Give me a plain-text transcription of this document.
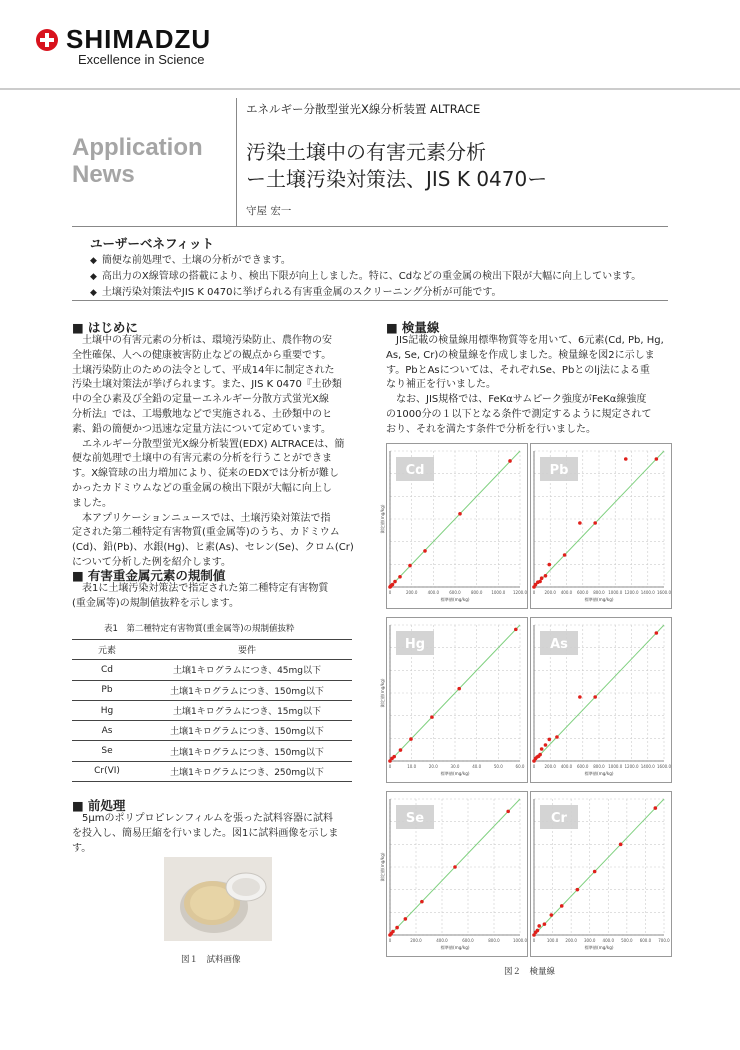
SHIMADZU
Excellence in Science
エネルギー分散型蛍光X線分析装置 ALTRACE
Application
News
汚染土壌中の有害元素分析
ー土壌汚染対策法、JIS K 0470ー
守屋 宏一
ユーザーベネフィット
◆ 簡便な前処理で、土壌の分析ができます。
◆ 高出力のX線管球の搭載により、検出下限が向上しました。特に、Cdなどの重金属の検出下限が大幅に向上しています。
◆ 土壌汚染対策法やJIS K 0470に挙げられる有害重金属のスクリーニング分析が可能です。
■ はじめに
　土壌中の有害元素の分析は、環境汚染防止、農作物の安
全性確保、人への健康被害防止などの観点から重要です。
土壌汚染防止のための法令として、平成14年に制定された
汚染土壌対策法が挙げられます。また、JIS K 0470『土砂類
中の全ひ素及び全鉛の定量ーエネルギー分散方式蛍光X線
分析法』では、工場敷地などで実施される、土砂類中のヒ
素、鉛の簡便かつ迅速な定量方法について定めています。
　エネルギー分散型蛍光X線分析装置(EDX) ALTRACEは、簡
便な前処理で土壌中の有害元素の分析を行うことができま
す。X線管球の出力増加により、従来のEDXでは分析が難し
かったカドミウムなどの重金属の検出下限が大幅に向上し
ました。
　本アプリケーションニュースでは、土壌汚染対策法で指
定された第二種特定有害物質(重金属等)のうち、カドミウム
(Cd)、鉛(Pb)、水銀(Hg)、ヒ素(As)、セレン(Se)、クロム(Cr)
について分析した例を紹介します。
■ 有害重金属元素の規制値
　表1に土壌汚染対策法で指定された第二種特定有害物質
(重金属等)の規制値抜粋を示します。
表1　第二種特定有害物質(重金属等)の規制値抜粋
元素	要件
Cd	土壌1キログラムにつき、45mg以下
Pb	土壌1キログラムにつき、150mg以下
Hg	土壌1キログラムにつき、15mg以下
As	土壌1キログラムにつき、150mg以下
Se	土壌1キログラムにつき、150mg以下
Cr(VI)	土壌1キログラムにつき、250mg以下
■ 前処理
　5μmのポリプロピレンフィルムを張った試料容器に試料
を投入し、簡易圧縮を行いました。図1に試料画像を示しま
す。
図１　試料画像
■ 検量線
　JIS記載の検量線用標準物質等を用いて、6元素(Cd, Pb, Hg,
As, Se, Cr)の検量線を作成しました。検量線を図2に示しま
す。PbとAsについては、それぞれSe、Pbとのlj法による重
なり補正を行いました。
　なお、JIS規格では、FeKαサムピーク強度がFeKα線強度
の1000分の１以下となる条件で測定するように規定されて
おり、それを満たす条件で分析を行いました。
0	200.0	400.0	600.0	800.0 1000.0 1200.0
標準値(mg/kg)
測定値(mg/kg)
Cd
0 200.0 400.0 600.0 800.0 1000.0 1200.0 1400.0 1600.0
標準値(mg/kg)
Pb
0	10.0	20.0	30.0	40.0	50.0	60.0
標準値(mg/kg)
測定値(mg/kg)
Hg
0 200.0 400.0 600.0 800.0 1000.0 1200.0 1400.0 1600.0
標準値(mg/kg)
As
0	200.0	400.0	600.0	800.0	1000.0
標準値(mg/kg)
測定値(mg/kg)
Se
0	100.0 200.0 300.0 400.0 500.0 600.0 700.0
標準値(mg/kg)
Cr
図２　検量線
